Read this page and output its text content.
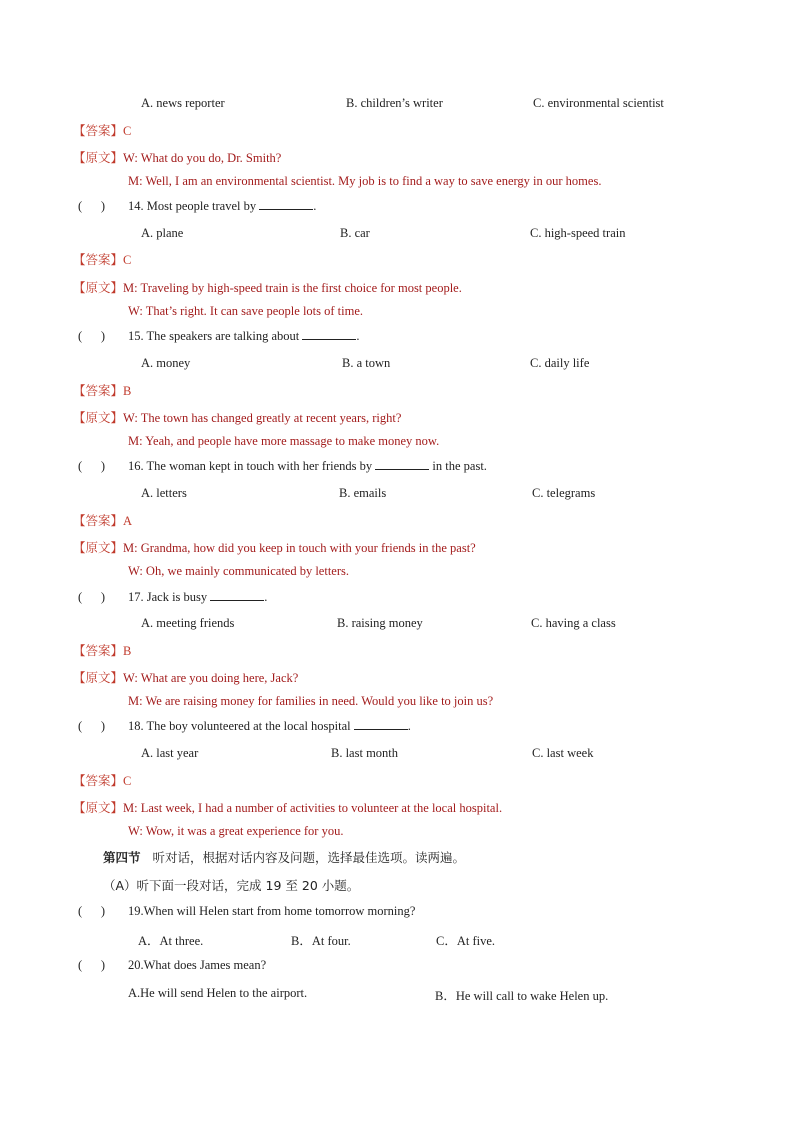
A. news reporter	B. children’s writer	C. environmental scientist
【答案】C
【原文】W: What do you do, Dr. Smith?
M: Well, I am an environmental scientist. My job is to find a way to save energy in our homes.
(      ) 14. Most people travel by	.
A. plane	B. car	C. high-speed train
【答案】C
【原文】M: Traveling by high-speed train is the first choice for most people.
W: That’s right. It can save people lots of time.
(      ) 15. The speakers are talking about	.
A. money	B. a town	C. daily life
【答案】B
【原文】W: The town has changed greatly at recent years, right?
M: Yeah, and people have more massage to make money now.
(      ) 16. The woman kept in touch with her friends by	in the past.
A. letters	B. emails	C. telegrams
【答案】A
【原文】M: Grandma, how did you keep in touch with your friends in the past?
W: Oh, we mainly communicated by letters.
(      ) 17. Jack is busy	.
A. meeting friends	B. raising money	C. having a class
【答案】B
【原文】W: What are you doing here, Jack?
M: We are raising money for families in need. Would you like to join us?
(      ) 18. The boy volunteered at the local hospital	.
A. last year	B. last month	C. last week
【答案】C
【原文】M: Last week, I had a number of activities to volunteer at the local hospital.
W: Wow, it was a great experience for you.
第四节 听对话，根据对话内容及问题，选择最佳选项。读两遍。
（A）听下面一段对话，完成 19 至 20 小题。
(      ) 19.When will Helen start from home tomorrow morning?
A．At three.	B．At four.	C．At five.
(      ) 20.What does James mean?
A.He will send Helen to the airport.	B．He will call to wake Helen up.
